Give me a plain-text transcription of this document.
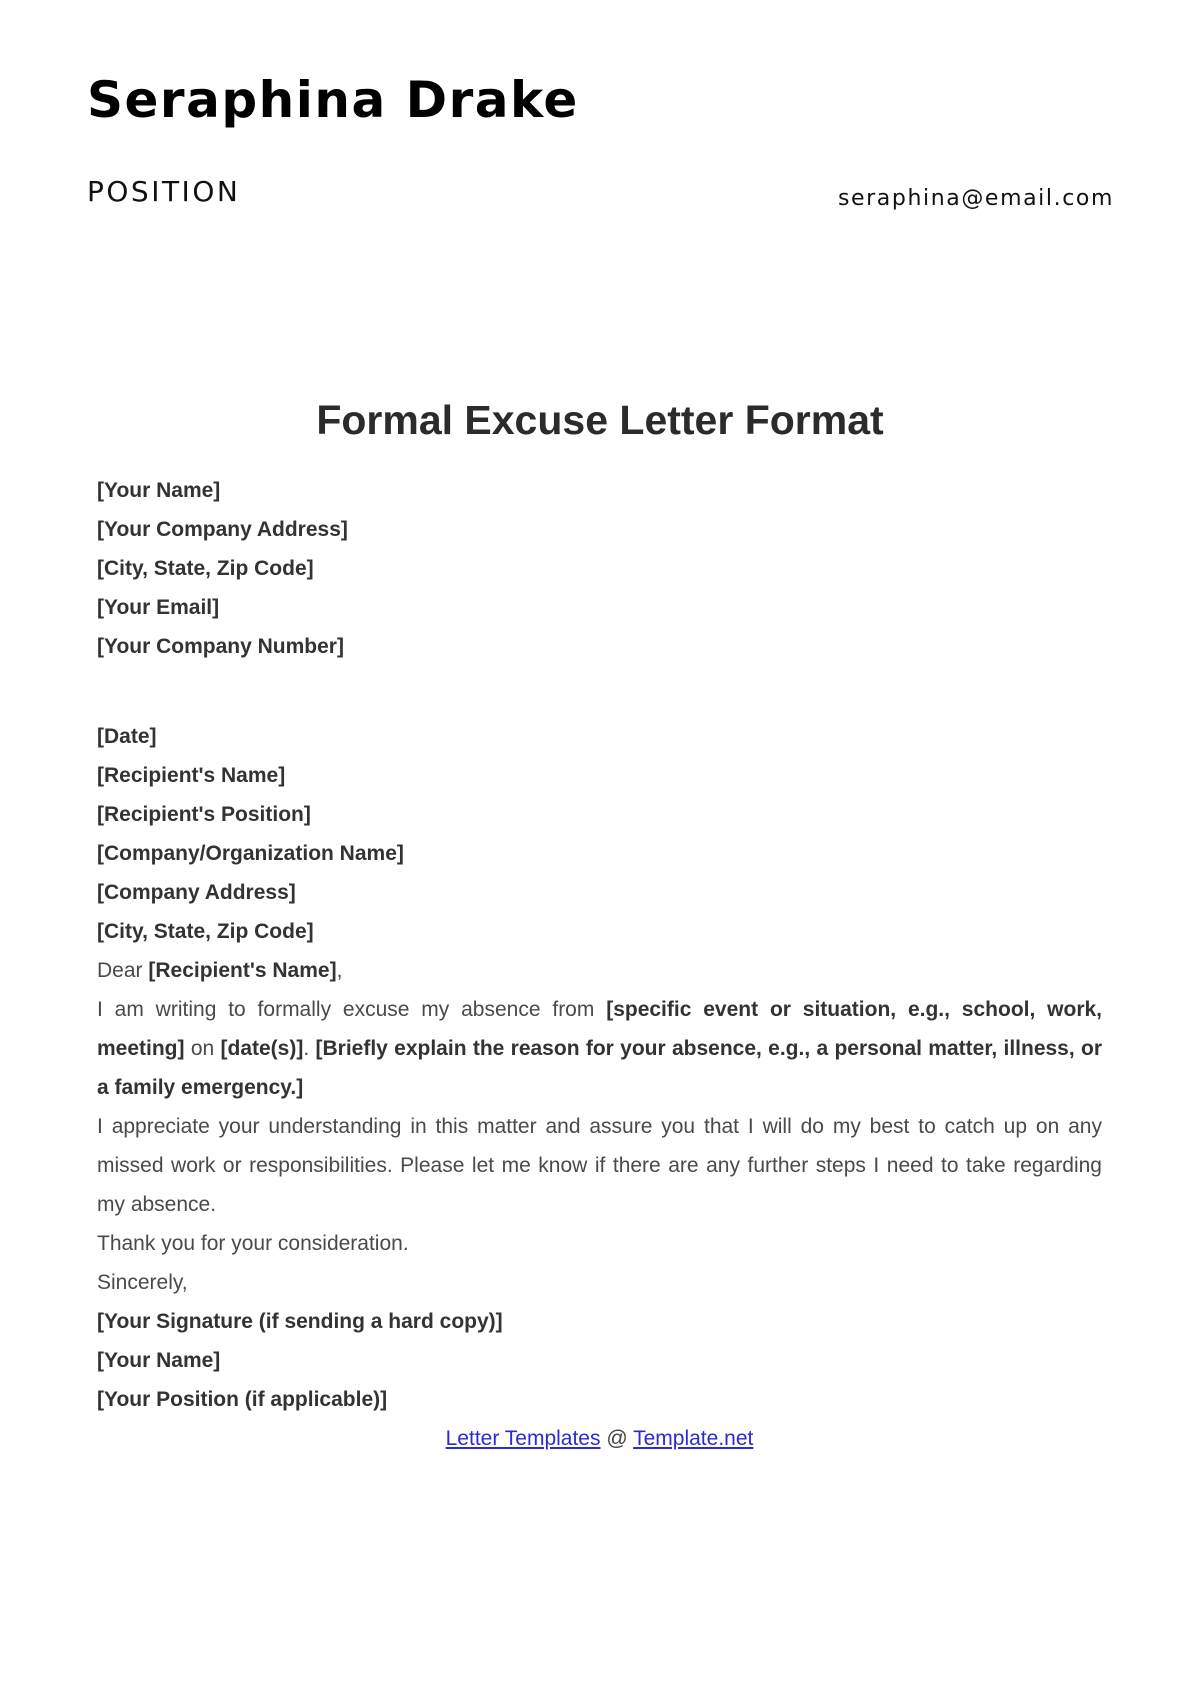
Seraphina Drake
POSITION	seraphina@email.com
Formal Excuse Letter Format

[Your Name]

[Your Company Address]

[City, State, Zip Code]

[Your Email]

[Your Company Number]

[Date]

[Recipient's Name]

[Recipient's Position]

[Company/Organization Name]

[Company Address]

[City, State, Zip Code]

Dear [Recipient's Name],

I am writing to formally excuse my absence from [specific event or situation, e.g., school, work, meeting] on [date(s)]. [Briefly explain the reason for your absence, e.g., a personal matter, illness, or a family emergency.]

I appreciate your understanding in this matter and assure you that I will do my best to catch up on any missed work or responsibilities. Please let me know if there are any further steps I need to take regarding my absence.

Thank you for your consideration.

Sincerely,

[Your Signature (if sending a hard copy)]

[Your Name]

[Your Position (if applicable)]

Letter Templates @ Template.net
